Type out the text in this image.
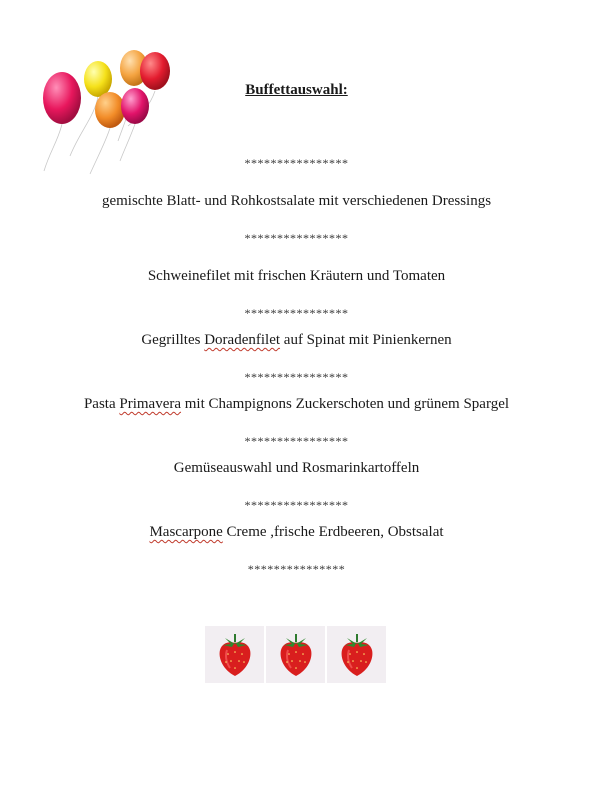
Buffettauswahl:
****************
gemischte Blatt- und Rohkostsalate mit verschiedenen Dressings
****************
Schweinefilet mit frischen Kräutern und Tomaten
****************
Gegrilltes Doradenfilet auf Spinat mit Pinienkernen
****************
Pasta Primavera mit Champignons Zuckerschoten und grünem Spargel
****************
Gemüseauswahl und Rosmarinkartoffeln
****************
Mascarpone Creme ,frische Erdbeeren, Obstsalat
***************
